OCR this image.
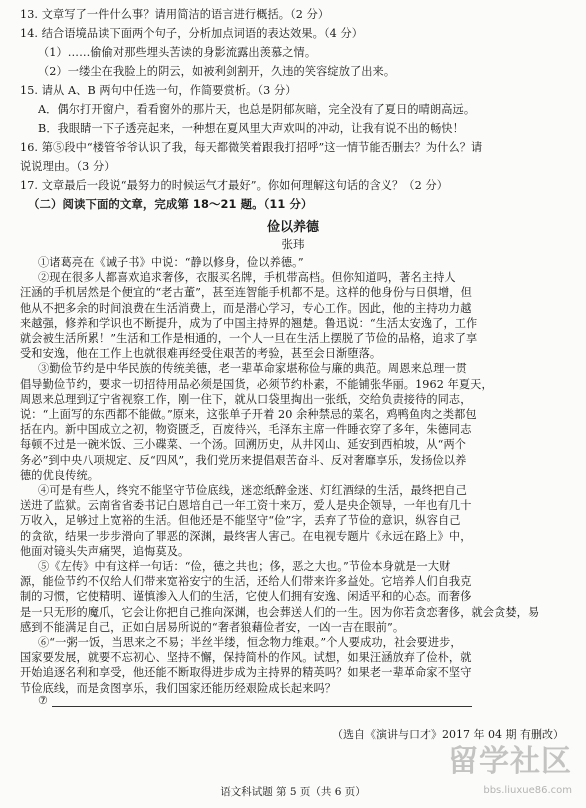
13. 文章写了一件什么事？请用简洁的语言进行概括。（2 分）
14. 结合语境品读下面两个句子，分析加点词语的表达效果。（4 分）
（1）……偷偷对那些埋头苦读的身影流露出羡慕之情。
（2）一缕尘在我脸上的阴云，如被利剑割开，久违的笑容绽放了出来。
15. 请从 A、B 两句中任选一句，作简要赏析。（3 分）
A．偶尔打开窗户，看看窗外的那片天，也总是阴郁灰暗，完全没有了夏日的晴朗高远。
B．我眼睛一下子透亮起来，一种想在夏风里大声欢叫的冲动，让我有说不出的畅快！
16. 第⑤段中“楼管爷爷认识了我，每天都微笑着跟我打招呼”这一情节能否删去？为什么？请
说说理由。（3 分）
17. 文章最后一段说“最努力的时候运气才最好”。你如何理解这句话的含义？（2 分）
（二）阅读下面的文章，完成第 18～21 题。（11 分）
俭以养德
张玮
①诸葛亮在《诫子书》中说：“静以修身，俭以养德。”
②现在很多人都喜欢追求奢侈，衣服买名牌，手机带高档。但你知道吗，著名主持人
汪涵的手机居然是个便宜的“老古董”，甚至连智能手机都不是。这样的他身份与日俱增，但
他从不把多余的时间浪费在生活消费上，而是潜心学习，专心工作。因此，他的主持功力越
来越强，修养和学识也不断提升，成为了中国主持界的翘楚。鲁迅说：“生活太安逸了，工作
就会被生活所累！”生活和工作是相通的，一个人一旦在生活上摆脱了节俭的品格，追求了享
受和安逸，他在工作上也就很难再经受住艰苦的考验，甚至会日渐堕落。
③勤俭节约是中华民族的传统美德，老一辈革命家堪称俭与廉的典范。周恩来总理一贯
倡导勤俭节约，要求一切招待用品必须是国货，必须节约朴素，不能铺张华丽。1962 年夏天，
周恩来总理到辽宁省视察工作，刚一住下，就从口袋里掏出一张纸，交给负责接待的同志，
说：“上面写的东西都不能做。”原来，这张单子开着 20 余种禁忌的菜名，鸡鸭鱼肉之类都包
括在内。新中国成立之初，物资匮乏，百废待兴，毛泽东主席一件睡衣穿了多年，朱德同志
每顿不过是一碗米饭、三小碟菜、一个汤。回溯历史，从井冈山、延安到西柏坡，从“两个
务必”到中央八项规定、反“四风”，我们党历来提倡艰苦奋斗、反对奢靡享乐，发扬俭以养
德的优良传统。
④可是有些人，终究不能坚守节俭底线，迷恋纸醉金迷、灯红酒绿的生活，最终把自己
送进了监狱。云南省省委书记白恩培自己一年工资十来万，爱人是央企领导，一年也有几十
万收入，足够过上宽裕的生活。但他还是不能坚守“俭”字，丢弃了节俭的意识，纵容自己
的贪欲，结果一步步滑向了罪恶的深渊，最终害人害己。在电视专题片《永远在路上》中，
他面对镜头失声痛哭，追悔莫及。
⑤《左传》中有这样一句话：“俭，德之共也；侈，恶之大也。”节俭本身就是一大财
源，能俭节约不仅给人们带来宽裕安宁的生活，还给人们带来许多益处。它培养人们自我克
制的习惯，它使精明、谨慎渗入人们的生活，它使人们拥有安逸、闲适平和的心态。而奢侈
是一只无形的魔爪，它会让你把自己推向深渊，也会葬送人们的一生。因为你若贪恋奢侈，就会贪婪，易
感到不能满足自己，正如白居易所说的“奢者狼藉俭者安，一凶一吉在眼前”。
⑥“一粥一饭，当思来之不易；半丝半缕，恒念物力维艰。”个人要成功，社会要进步，
国家要发展，就要不忘初心、坚持不懈，保持简朴的作风。试想，如果汪涵放弃了俭朴，就
开始追逐名利和享受，他还能不断取得进步成为主持界的精英吗？如果老一辈革命家不坚守
节俭底线，而是贪图享乐，我们国家还能历经艰险成长起来吗？
⑦
（选自《演讲与口才》2017 年 04 期 有删改）
语文科试题 第 5 页（共 6 页）
留学社区
bbs.liuxue86.com
